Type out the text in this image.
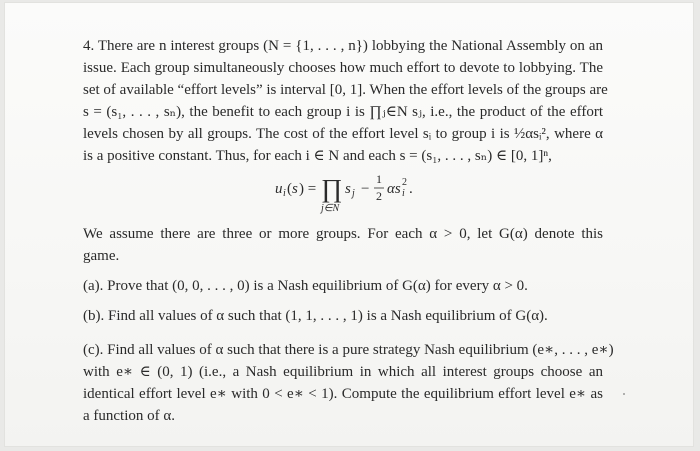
4. There are n interest groups (N = {1, . . . , n}) lobbying the National Assembly on an
issue. Each group simultaneously chooses how much effort to devote to lobbying. The
set of available “effort levels” is interval [0, 1]. When the effort levels of the groups are
s = (s₁, . . . , sₙ), the benefit to each group i is ∏ⱼ∈N sⱼ, i.e., the product of the effort
levels chosen by all groups. The cost of the effort level sᵢ to group i is ½αsᵢ², where α
is a positive constant. Thus, for each i ∈ N and each s = (s₁, . . . , sₙ) ∈ [0, 1]ⁿ,

u i ( s ) = ∏
j∈N
s j −
1
2 αs i
2 .

We assume there are three or more groups. For each α > 0, let G(α) denote this
game.

(a). Prove that (0, 0, . . . , 0) is a Nash equilibrium of G(α) for every α > 0.

(b). Find all values of α such that (1, 1, . . . , 1) is a Nash equilibrium of G(α).

(c). Find all values of α such that there is a pure strategy Nash equilibrium (e∗, . . . , e∗)
with e∗ ∈ (0, 1) (i.e., a Nash equilibrium in which all interest groups choose an
identical effort level e∗ with 0 < e∗ < 1). Compute the equilibrium effort level e∗ as
a function of α.
